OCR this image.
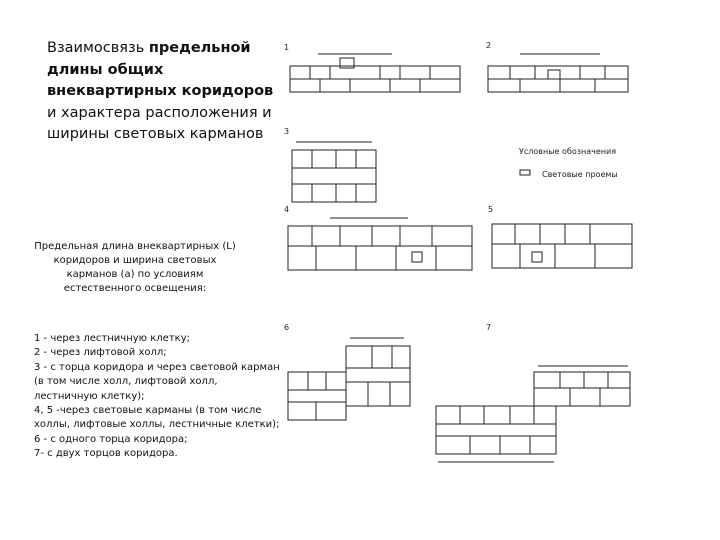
Взаимосвязь предельной длины общих внеквартирных коридоров и характера расположения и ширины световых карманов
Предельная длина внеквартирных (L) коридоров и ширина световых карманов (a) по условиям естественного освещения:
1 - через лестничную клетку;
2 - через лифтовой холл;
3 - с торца коридора и через световой карман (в том числе холл, лифтовой холл, лестничную клетку);
4, 5 -через световые карманы (в том числе холлы, лифтовые холлы, лестничные клетки);
6 - с одного торца коридора;
7- с двух торцов коридора.
1	2
3
4	5
6	7
Условные обозначения
Световые проемы
